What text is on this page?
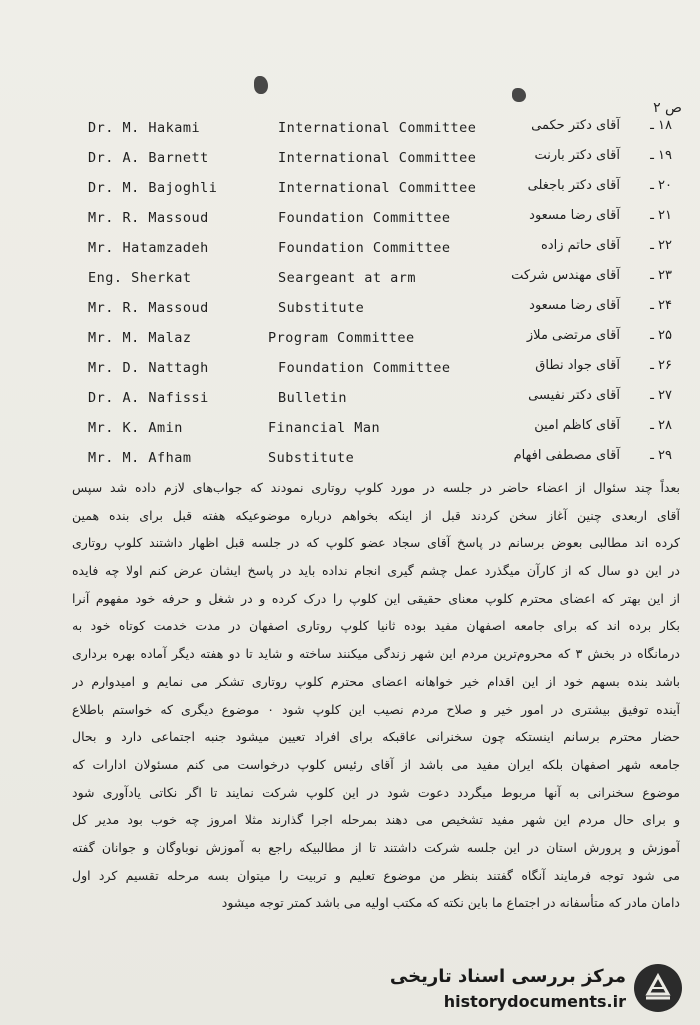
ص ۲
Dr. M. Hakami	International Committee	آقای دکتر حکمی ۱۸ ـ
Dr. A. Barnett	International Committee	آقای دکتر بارنت ۱۹ ـ
Dr. M. Bajoghli	International Committee	آقای دکتر باجغلی ۲۰ ـ
Mr. R. Massoud	Foundation Committee	آقای رضا مسعود ۲۱ ـ
Mr. Hatamzadeh	Foundation Committee	آقای حاتم زاده ۲۲ ـ
Eng. Sherkat	Seargeant at arm	آقای مهندس شرکت ۲۳ ـ
Mr. R. Massoud	Substitute	آقای رضا مسعود ۲۴ ـ
Mr. M. Malaz	Program Committee	آقای مرتضی ملاز ۲۵ ـ
Mr. D. Nattagh	Foundation Committee	آقای جواد نطاق ۲۶ ـ
Dr. A. Nafissi	Bulletin	آقای دکتر نفیسی ۲۷ ـ
Mr. K. Amin	Financial Man	آقای کاظم امین ۲۸ ـ
Mr. M. Afham	Substitute	آقای مصطفی افهام ۲۹ ـ
بعداً چند سئوال از اعضاء حاضر در جلسه در مورد کلوپ روتاری نمودند که جواب‌های لازم داده شد سپس
آقای اربعدی چنین آغاز سخن کردند قبل از اینکه بخواهم درباره موضوعیکه هفته قبل برای بنده همین
کرده اند مطالبی بعوض برسانم در پاسخ آقای سجاد عضو کلوپ که در جلسه قبل اظهار داشتند کلوپ روتاری
در این دو سال که از کارآن میگذرد عمل چشم گیری انجام نداده باید در پاسخ ایشان عرض کنم اولا چه فایده
از این بهتر که اعضای محترم کلوپ معنای حقیقی این کلوپ را درک کرده و در شغل و حرفه خود مفهوم آنرا
بکار برده اند که برای جامعه اصفهان مفید بوده ثانیا کلوپ روتاری اصفهان در مدت خدمت کوتاه خود به
درمانگاه در بخش ۳ که محروم‌ترین مردم این شهر زندگی میکنند ساخته و شاید تا دو هفته دیگر آماده بهره برداری
باشد بنده بسهم خود از این اقدام خیر خواهانه اعضای محترم کلوپ روتاری تشکر می نمایم و امیدوارم در
آینده توفیق بیشتری در امور خیر و صلاح مردم نصیب این کلوپ شود ۰ موضوع دیگری که خواستم باطلاع
حضار محترم برسانم اینستکه چون سخنرانی عاقبکه برای افراد تعیین میشود جنبه اجتماعی دارد و بحال
جامعه شهر اصفهان بلکه ایران مفید می باشد از آقای رئیس کلوپ درخواست می کنم مسئولان ادارات که
موضوع سخنرانی به آنها مربوط میگردد دعوت شود در این کلوپ شرکت نمایند تا اگر نکاتی یادآوری شود
و برای حال مردم این شهر مفید تشخیص می دهند بمرحله اجرا گذارند مثلا امروز چه خوب بود مدیر کل
آموزش و پرورش استان در این جلسه شرکت داشتند تا از مطالبیکه راجع به آموزش نوباوگان و جوانان گفته
می شود توجه فرمایند آنگاه گفتند بنظر من موضوع تعلیم و تربیت را میتوان بسه مرحله تقسیم کرد اول
دامان مادر که متأسفانه در اجتماع ما باین نکته که مکتب اولیه می باشد کمتر توجه میشود
مرکز بررسی اسناد تاریخی
historydocuments.ir
